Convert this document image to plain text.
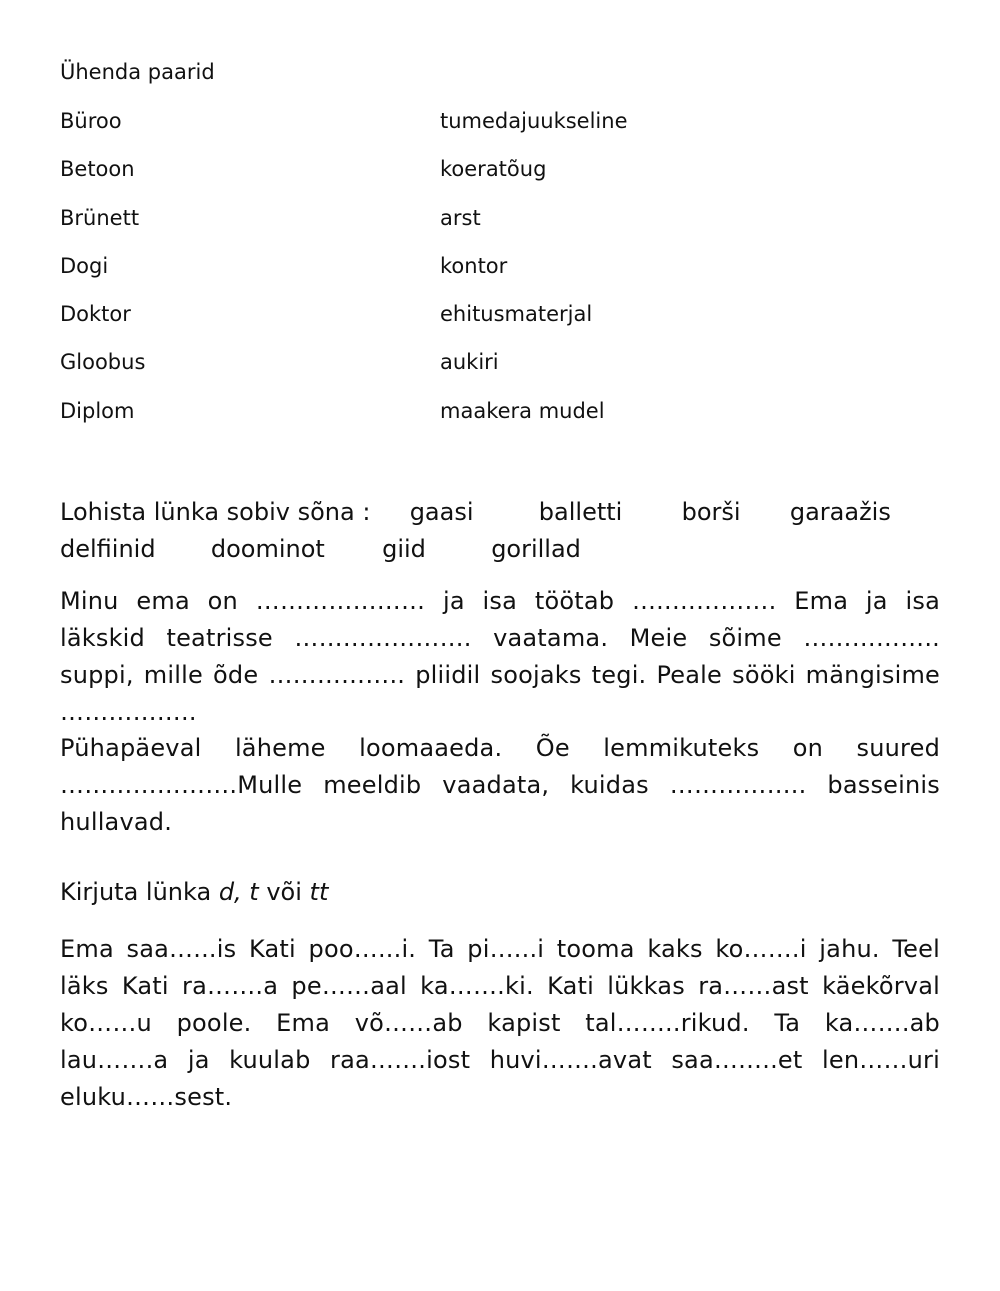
Ühenda paarid
Büroo	tumedajuukseline
Betoon	koeratõug
Brünett	arst
Dogi	kontor
Doktor	ehitusmaterjal
Gloobus	aukiri
Diplom	maakera mudel
Lohista lünka sobiv sõna : gaasi	balletti borši garaažis
delfiinid doominot giid	gorillad
Minu ema on ………………… ja isa töötab …..…………. Ema ja isa
läkskid teatrisse …………………. vaatama. Meie sõime ……………..
suppi, mille õde …………….. pliidil soojaks tegi. Peale sööki mängisime
……………..
Pühapäeval läheme loomaaeda. Õe lemmikuteks on suured
………………….Mulle meeldib vaadata, kuidas …………….. basseinis
hullavad.
Kirjuta lünka d, t või tt
Ema saa…...is Kati poo…...i. Ta pi…...i tooma kaks ko…….i jahu. Teel
läks Kati ra…….a pe……aal ka…….ki. Kati lükkas ra……ast käekõrval
ko……u poole. Ema võ……ab kapist tal……..rikud. Ta ka…….ab
lau…….a ja kuulab raa…….iost huvi…….avat saa……..et len……uri
eluku……sest.
